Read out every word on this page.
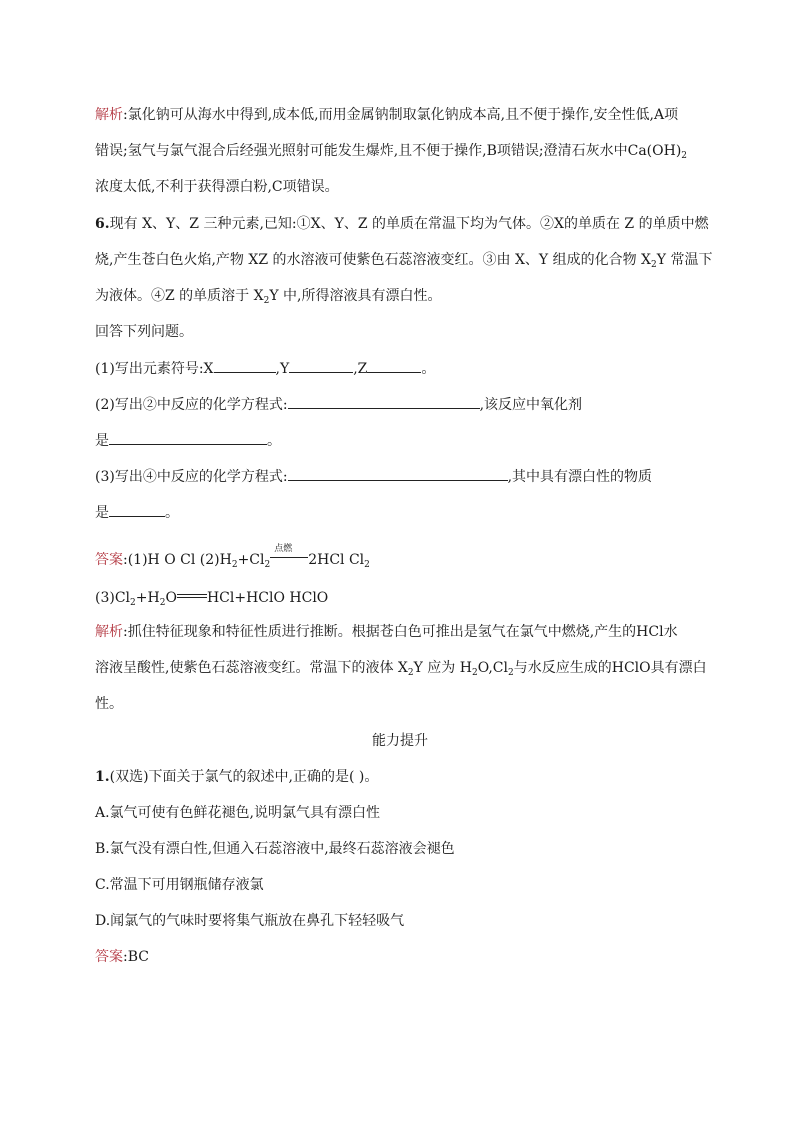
解析:氯化钠可从海水中得到,成本低,而用金属钠制取氯化钠成本高,且不便于操作,安全性低,A项
错误;氢气与氯气混合后经强光照射可能发生爆炸,且不便于操作,B项错误;澄清石灰水中$Ca(OH)_2$
浓度太低,不利于获得漂白粉,C项错误。
6.现有 X、Y、Z 三种元素,已知:①X、Y、Z 的单质在常温下均为气体。②X的单质在 Z 的单质中燃
烧,产生苍白色火焰,产物 XZ 的水溶液可使紫色石蕊溶液变红。③由 X、Y 组成的化合物 $X_2Y$ 常温下
为液体。④Z 的单质溶于 $X_2Y$ 中,所得溶液具有漂白性。
回答下列问题。
(1)写出元素符号:X	,Y	,Z	。
(2)写出②中反应的化学方程式:	,该反应中氧化剂
是	。
(3)写出④中反应的化学方程式:	,其中具有漂白性的物质
是	。
答案:(1)H O Cl $(2)H_2+Cl_2$
点燃
2HCl $Cl_2$
$(3)Cl_2+H_2O$ HCl+HClO HClO
解析:抓住特征现象和特征性质进行推断。根据苍白色可推出是氢气在氯气中燃烧,产生的HCl水
溶液呈酸性,使紫色石蕊溶液变红。常温下的液体 $X_2Y$ 应为 $H_2O,Cl_2$与水反应生成的HClO具有漂白
性。
能力提升
1.(双选)下面关于氯气的叙述中,正确的是( )。
A.氯气可使有色鲜花褪色,说明氯气具有漂白性
B.氯气没有漂白性,但通入石蕊溶液中,最终石蕊溶液会褪色
C.常温下可用钢瓶储存液氯
D.闻氯气的气味时要将集气瓶放在鼻孔下轻轻吸气
答案:BC
